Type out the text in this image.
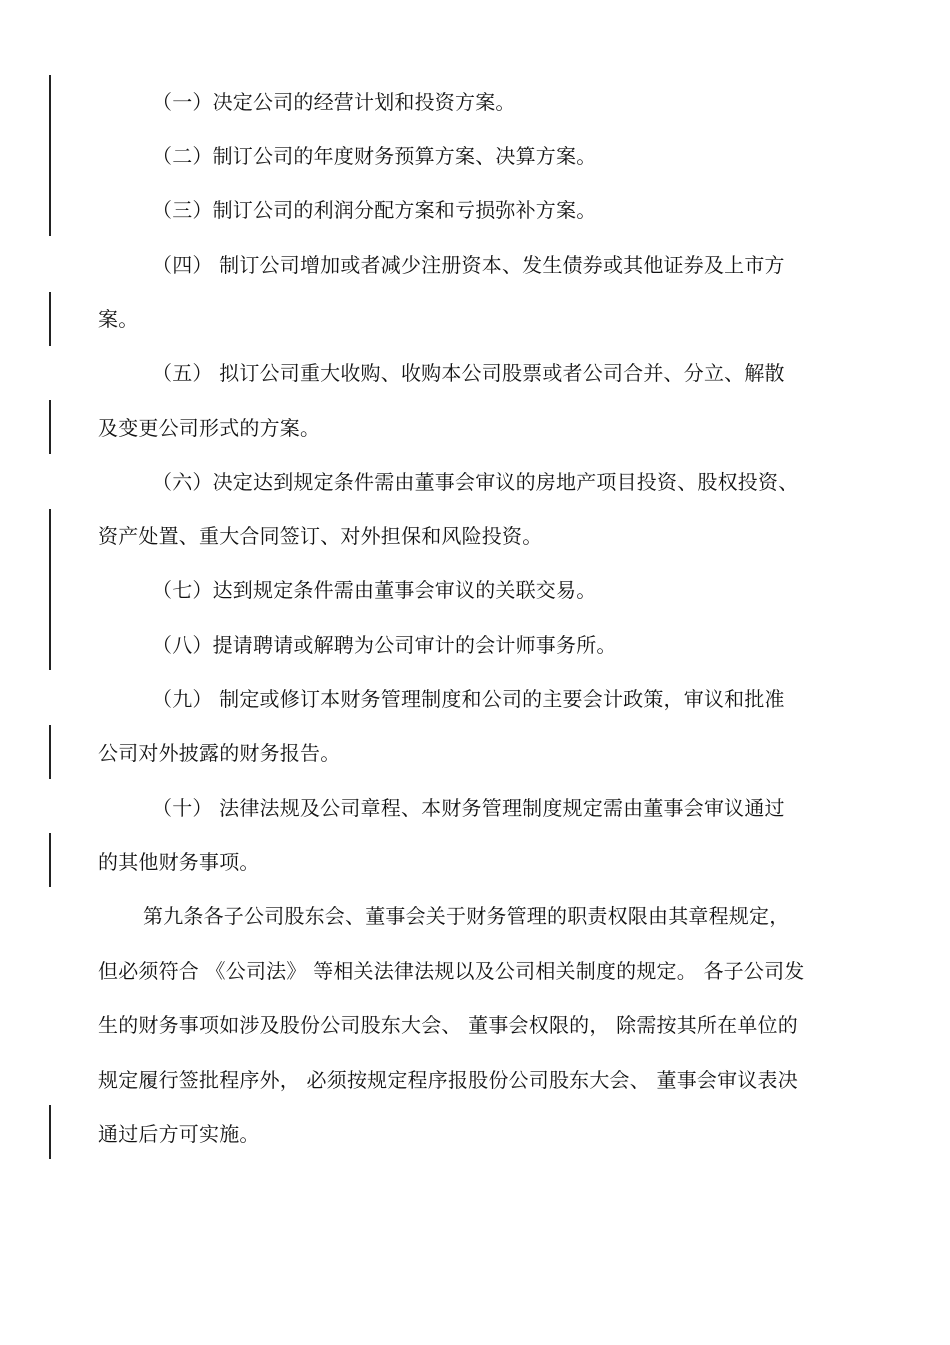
（一）决定公司的经营计划和投资方案。
（二）制订公司的年度财务预算方案、决算方案。
（三）制订公司的利润分配方案和亏损弥补方案。
（四） 制订公司增加或者减少注册资本、发生债券或其他证券及上市方
案。
（五） 拟订公司重大收购、收购本公司股票或者公司合并、分立、解散
及变更公司形式的方案。
（六）决定达到规定条件需由董事会审议的房地产项目投资、股权投资、
资产处置、重大合同签订、对外担保和风险投资。
（七）达到规定条件需由董事会审议的关联交易。
（八）提请聘请或解聘为公司审计的会计师事务所。
（九） 制定或修订本财务管理制度和公司的主要会计政策，审议和批准
公司对外披露的财务报告。
（十） 法律法规及公司章程、本财务管理制度规定需由董事会审议通过
的其他财务事项。
第九条各子公司股东会、董事会关于财务管理的职责权限由其章程规定，
但必须符合 《公司法》 等相关法律法规以及公司相关制度的规定。 各子公司发
生的财务事项如涉及股份公司股东大会、 董事会权限的， 除需按其所在单位的
规定履行签批程序外， 必须按规定程序报股份公司股东大会、 董事会审议表决
通过后方可实施。
